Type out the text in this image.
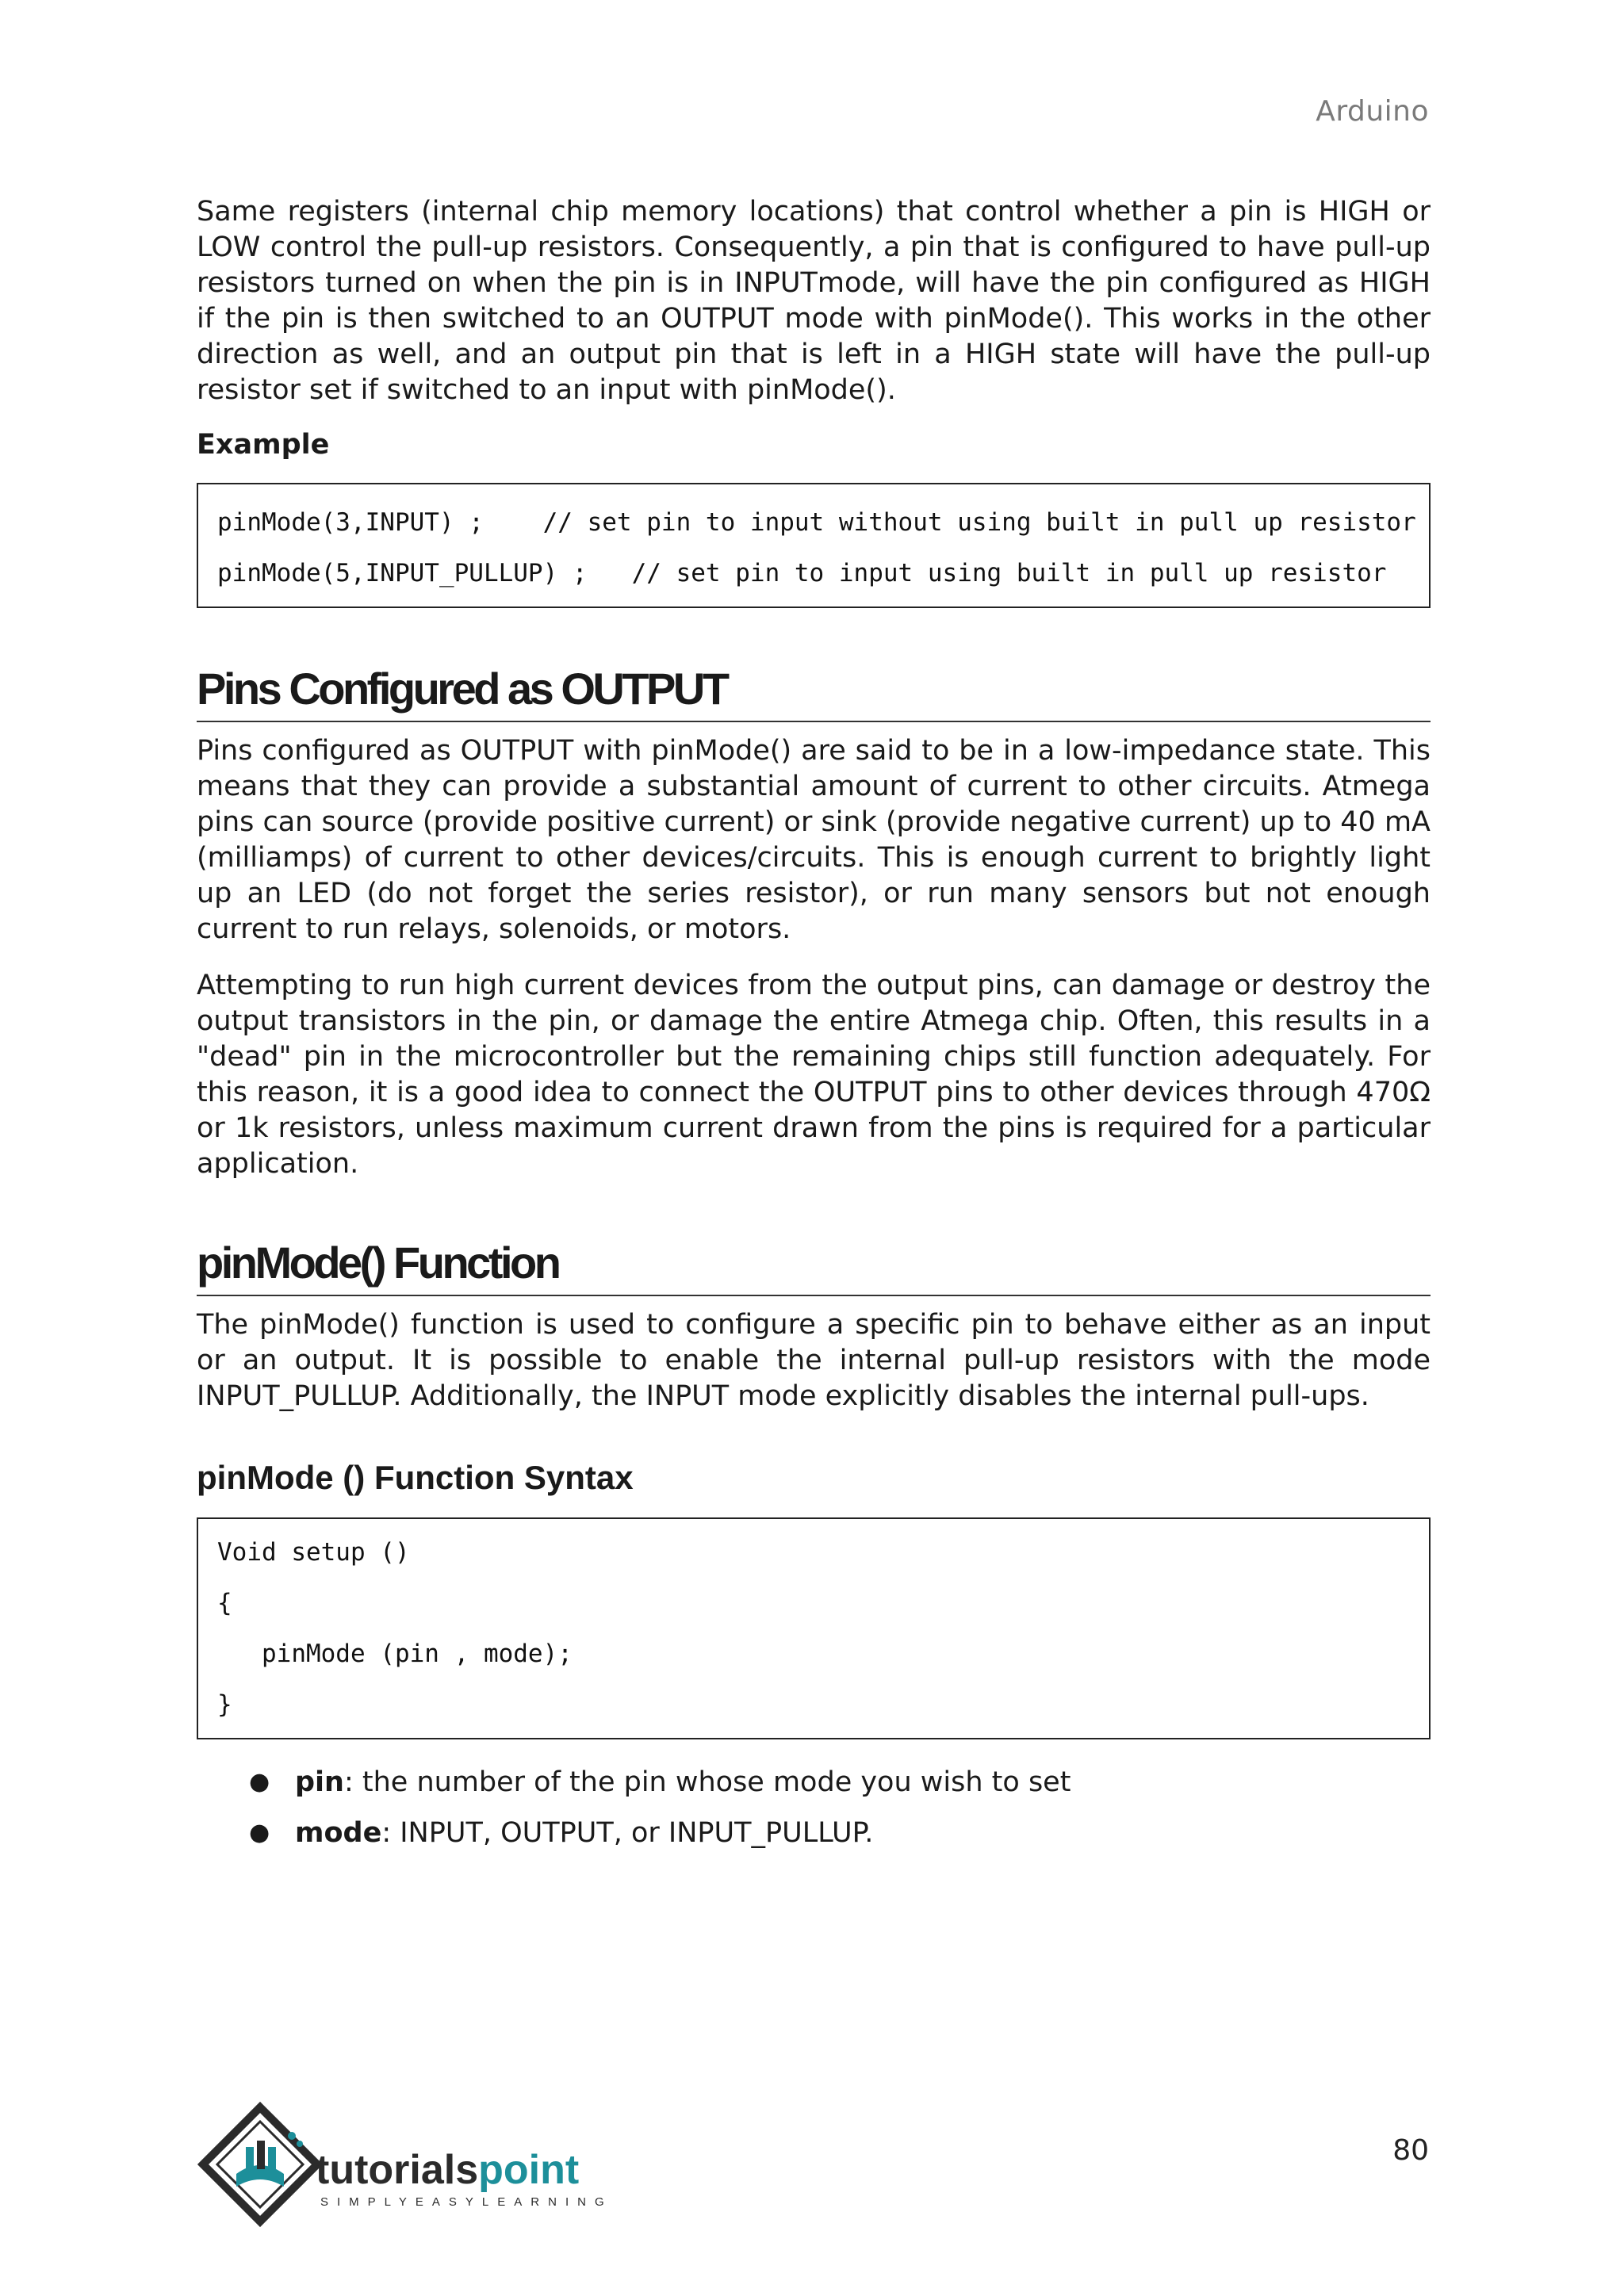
Arduino

Same registers (internal chip memory locations) that control whether a pin is HIGH or LOW control the pull-up resistors. Consequently, a pin that is configured to have pull-up resistors turned on when the pin is in INPUTmode, will have the pin configured as HIGH if the pin is then switched to an OUTPUT mode with pinMode(). This works in the other direction as well, and an output pin that is left in a HIGH state will have the pull-up resistor set if switched to an input with pinMode().

Example
pinMode(3,INPUT) ; // set pin to input without using built in pull up resistor
pinMode(5,INPUT_PULLUP) ; // set pin to input using built in pull up resistor
Pins Configured as OUTPUT

Pins configured as OUTPUT with pinMode() are said to be in a low-impedance state. This means that they can provide a substantial amount of current to other circuits. Atmega pins can source (provide positive current) or sink (provide negative current) up to 40 mA (milliamps) of current to other devices/circuits. This is enough current to brightly light up an LED (do not forget the series resistor), or run many sensors but not enough current to run relays, solenoids, or motors.

Attempting to run high current devices from the output pins, can damage or destroy the output transistors in the pin, or damage the entire Atmega chip. Often, this results in a "dead" pin in the microcontroller but the remaining chips still function adequately. For this reason, it is a good idea to connect the OUTPUT pins to other devices through 470Ω or 1k resistors, unless maximum current drawn from the pins is required for a particular application.

pinMode() Function

The pinMode() function is used to configure a specific pin to behave either as an input or an output. It is possible to enable the internal pull-up resistors with the mode INPUT_PULLUP. Additionally, the INPUT mode explicitly disables the internal pull-ups.

pinMode () Function Syntax
Void setup ()
{
pinMode (pin , mode);
}
● pin: the number of the pin whose mode you wish to set
● mode: INPUT, OUTPUT, or INPUT_PULLUP.
tutorialspoint
SIMPLYEASYLEARNING
80
